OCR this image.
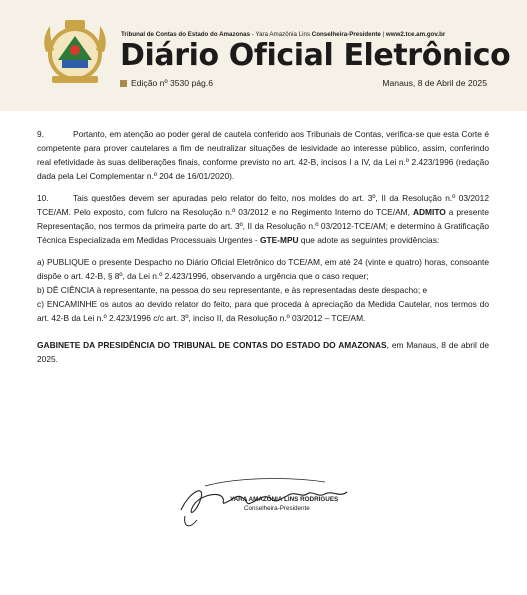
Tribunal de Contas do Estado do Amazonas - Yara Amazônia Lins Conselheira-Presidente | www2.tce.am.gov.br
Diário Oficial Eletrônico
Edição nº 3530 pág.6	Manaus, 8 de Abril de 2025

9.	Portanto, em atenção ao poder geral de cautela conferido aos Tribunais de Contas, verifica-se que esta Corte é competente para prover cautelares a fim de neutralizar situações de lesividade ao interesse público, assim, conferindo real efetividade às suas deliberações finais, conforme previsto no art. 42-B, incisos I a IV, da Lei n.º 2.423/1996 (redação dada pela Lei Complementar n.º 204 de 16/01/2020).

10.	Tais questões devem ser apuradas pelo relator do feito, nos moldes do art. 3º, II da Resolução n.º 03/2012 TCE/AM. Pelo exposto, com fulcro na Resolução n.º 03/2012 e no Regimento Interno do TCE/AM, ADMITO a presente Representação, nos termos da primeira parte do art. 3º, II da Resolução n.º 03/2012-TCE/AM; e determino à Gratificação Técnica Especializada em Medidas Processuais Urgentes - GTE-MPU que adote as seguintes providências:

a) PUBLIQUE o presente Despacho no Diário Oficial Eletrônico do TCE/AM, em até 24 (vinte e quatro) horas, consoante dispõe o art. 42-B, § 8º, da Lei n.º 2.423/1996, observando a urgência que o caso requer;

b) DÊ CIÊNCIA à representante, na pessoa do seu representante, e às representadas deste despacho; e

c) ENCAMINHE os autos ao devido relator do feito, para que proceda à apreciação da Medida Cautelar, nos termos do art. 42-B da Lei n.º 2.423/1996 c/c art. 3º, inciso II, da Resolução n.º 03/2012 – TCE/AM.

GABINETE DA PRESIDÊNCIA DO TRIBUNAL DE CONTAS DO ESTADO DO AMAZONAS, em Manaus, 8 de abril de 2025.

YARA AMAZÔNIA LINS RODRIGUES
Conselheira-Presidente
